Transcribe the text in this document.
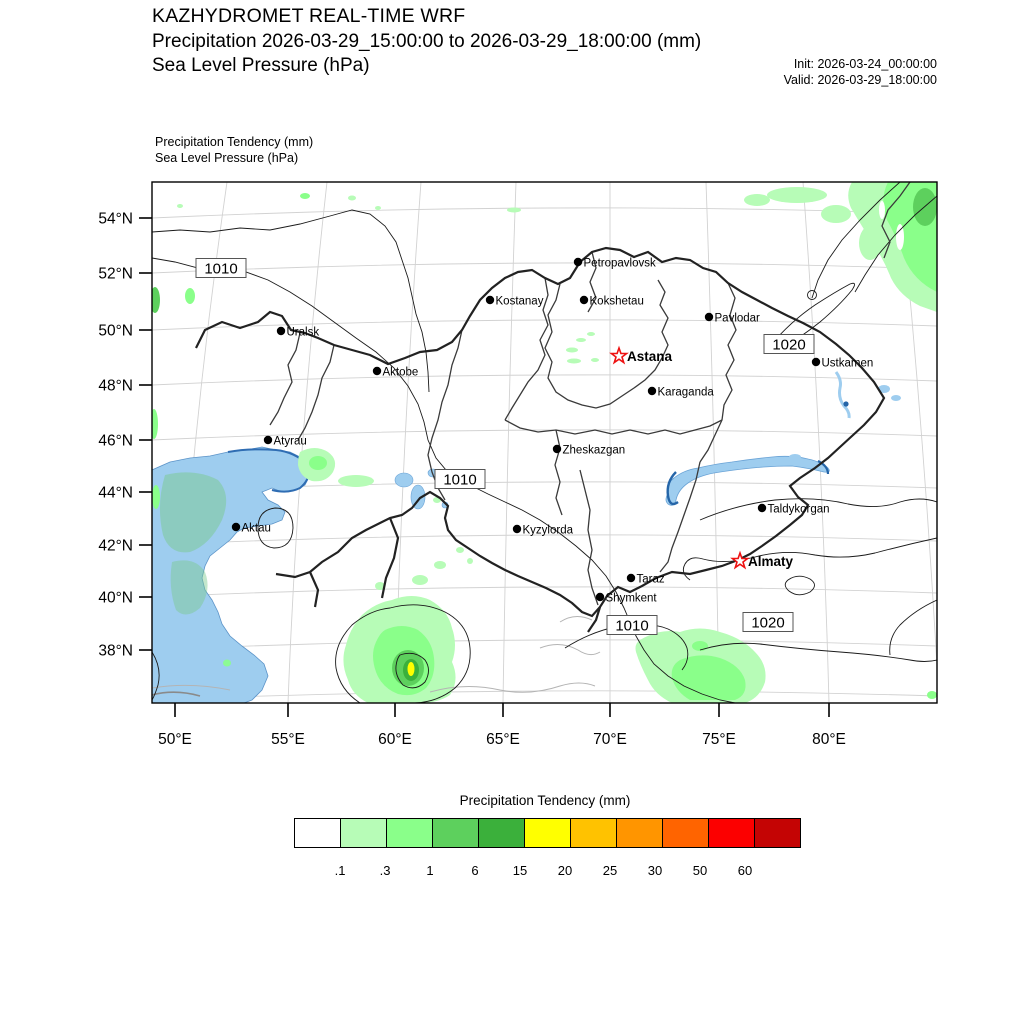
KAZHYDROMET REAL-TIME WRF
Precipitation 2026-03-29_15:00:00 to 2026-03-29_18:00:00 (mm)
Sea Level Pressure (hPa)	Init: 2026-03-24_00:00:00
Valid: 2026-03-29_18:00:00
Precipitation Tendency (mm)
Sea Level Pressure (hPa)
54°N
52°N
50°N
48°N
46°N
44°N
42°N
40°N
38°N
50°E	55°E	60°E	65°E	70°E	75°E	80°E
1010
1020
1010
1010	1020
Petropavlovsk
Kostanay	Kokshetau
Pavlodar
Uralsk
Astana
Aktobe
Ustkamen
Karaganda
Atyrau
Zheskazgan
Taldykorgan
Aktau	Kyzylorda
Almaty
Taraz
Shymkent
Precipitation Tendency (mm)
.1	.3	1	6	15	20	25	30	50	60
